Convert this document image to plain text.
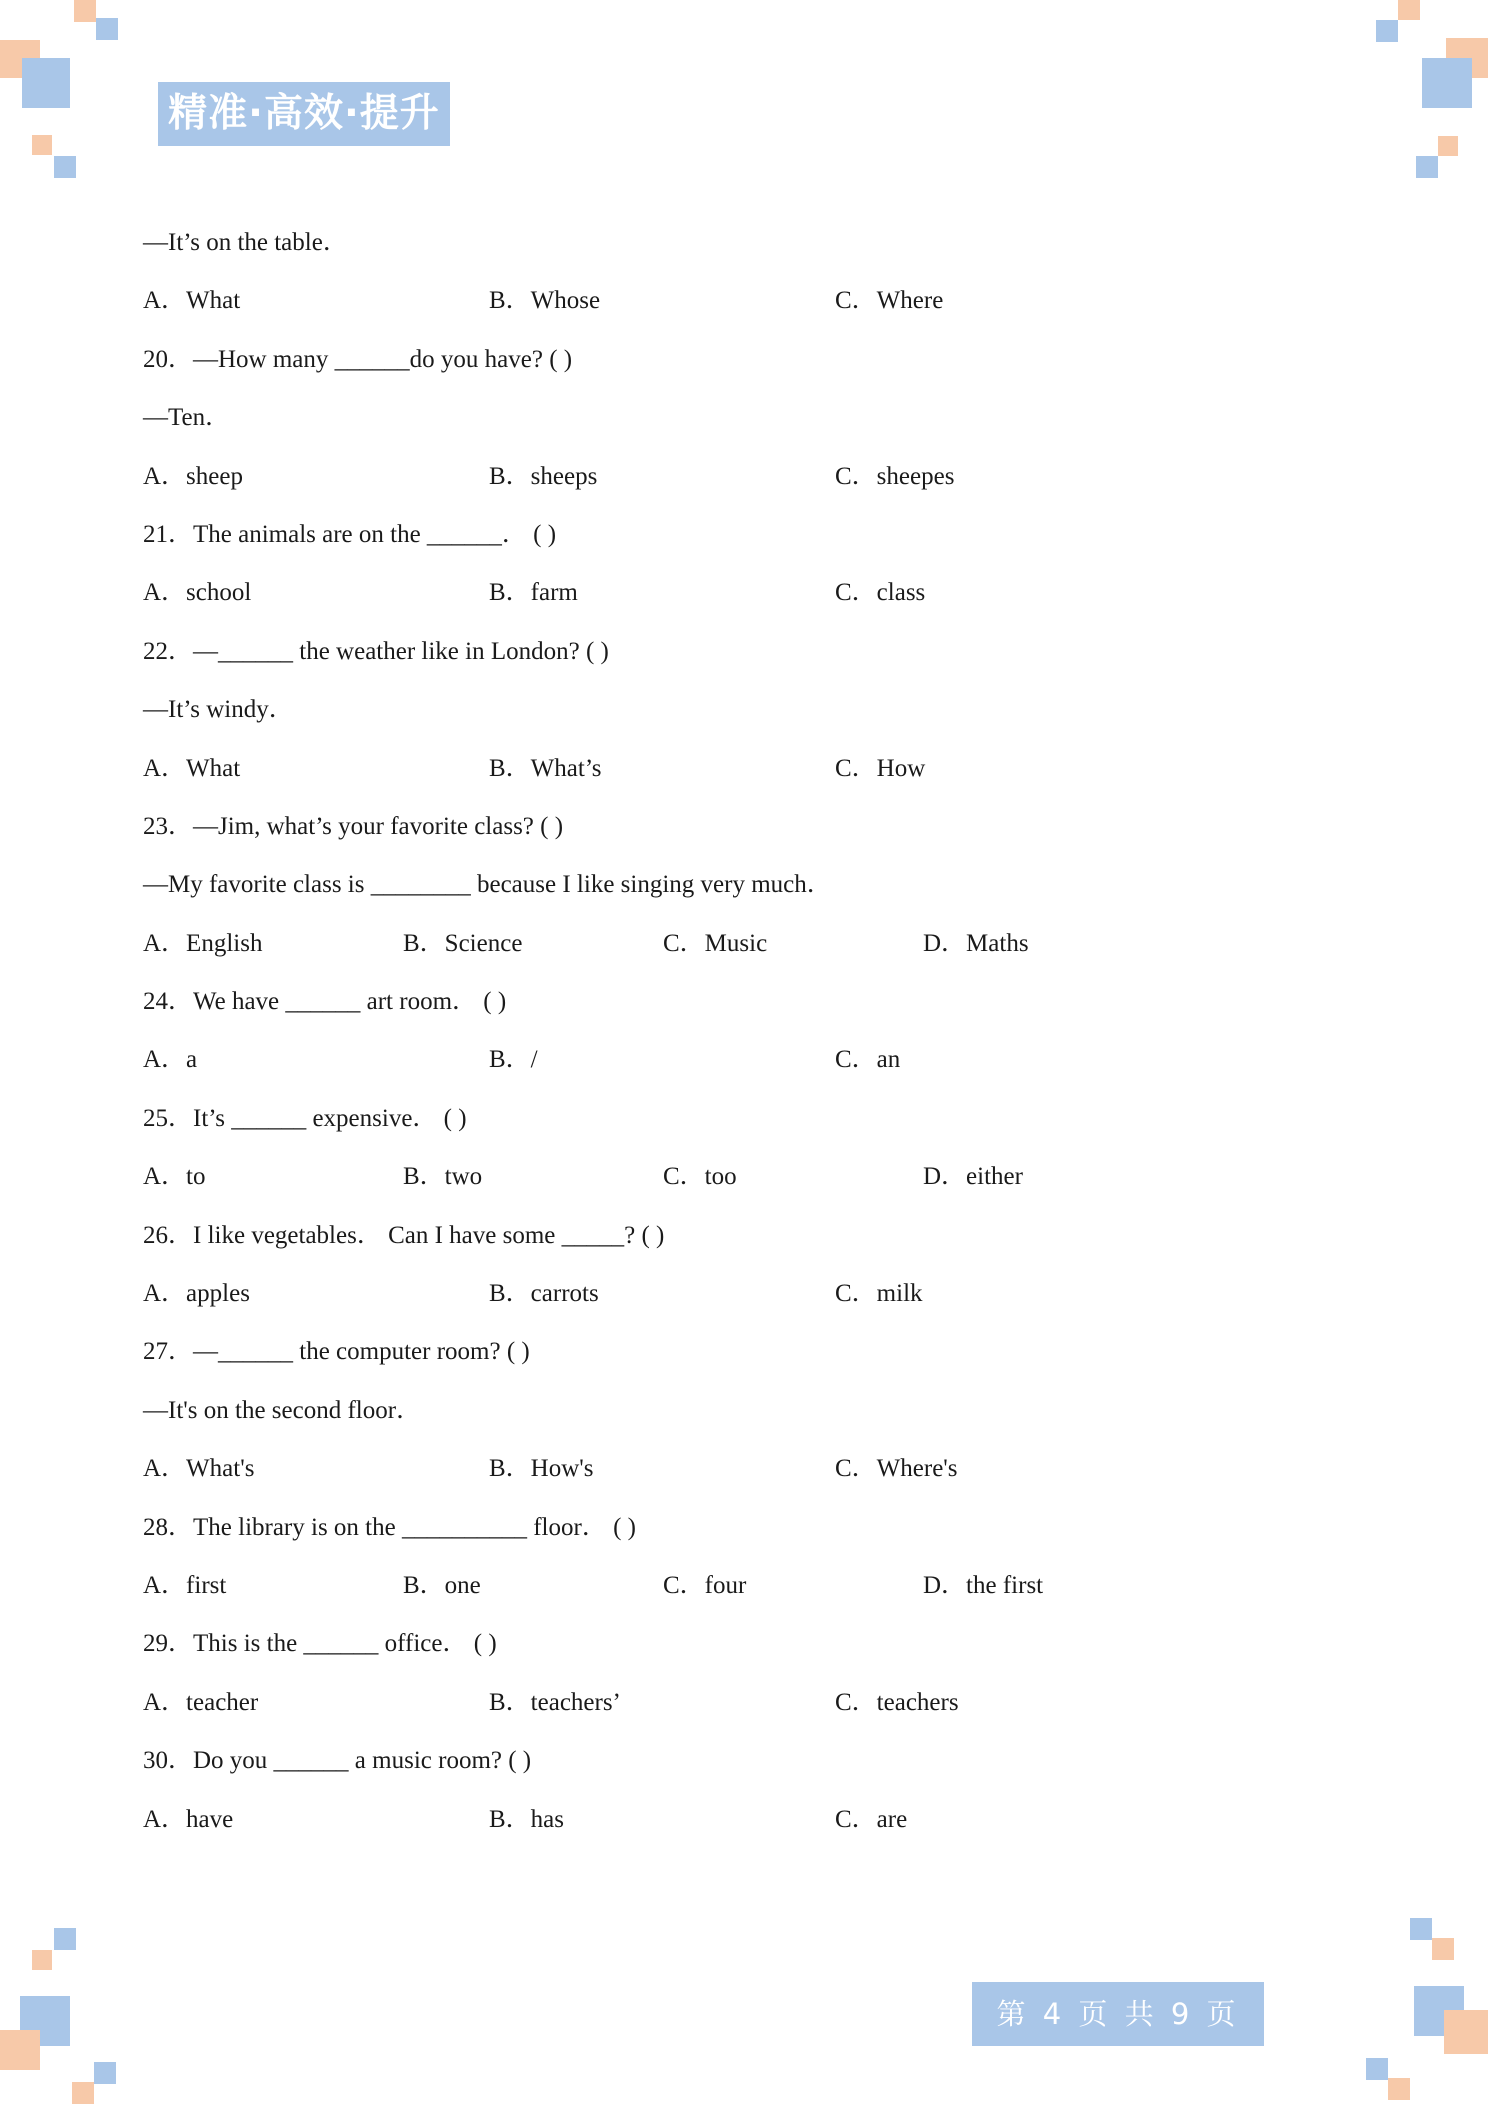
精准·高效·提升
—It’s on the table．
A．What	B．Whose	C．Where
20．—How many ______do you have? ( )
—Ten．
A．sheep	B．sheeps	C．sheepes
21．The animals are on the ______． ( )
A．school	B．farm	C．class
22．—______ the weather like in London? ( )
—It’s windy．
A．What	B．What’s	C．How
23．—Jim, what’s your favorite class? ( )
—My favorite class is ________ because I like singing very much．
A．English	B．Science	C．Music	D．Maths
24．We have ______ art room． ( )
A．a	B．/	C．an
25．It’s ______ expensive． ( )
A．to	B．two	C．too	D．either
26．I like vegetables． Can I have some _____? ( )
A．apples	B．carrots	C．milk
27．—______ the computer room? ( )
—It's on the second floor．
A．What's	B．How's	C．Where's
28．The library is on the __________ floor． ( )
A．first	B．one	C．four	D．the first
29．This is the ______ office． ( )
A．teacher	B．teachers’	C．teachers
30．Do you ______ a music room? ( )
A．have	B．has	C．are
第 4 页 共 9 页
